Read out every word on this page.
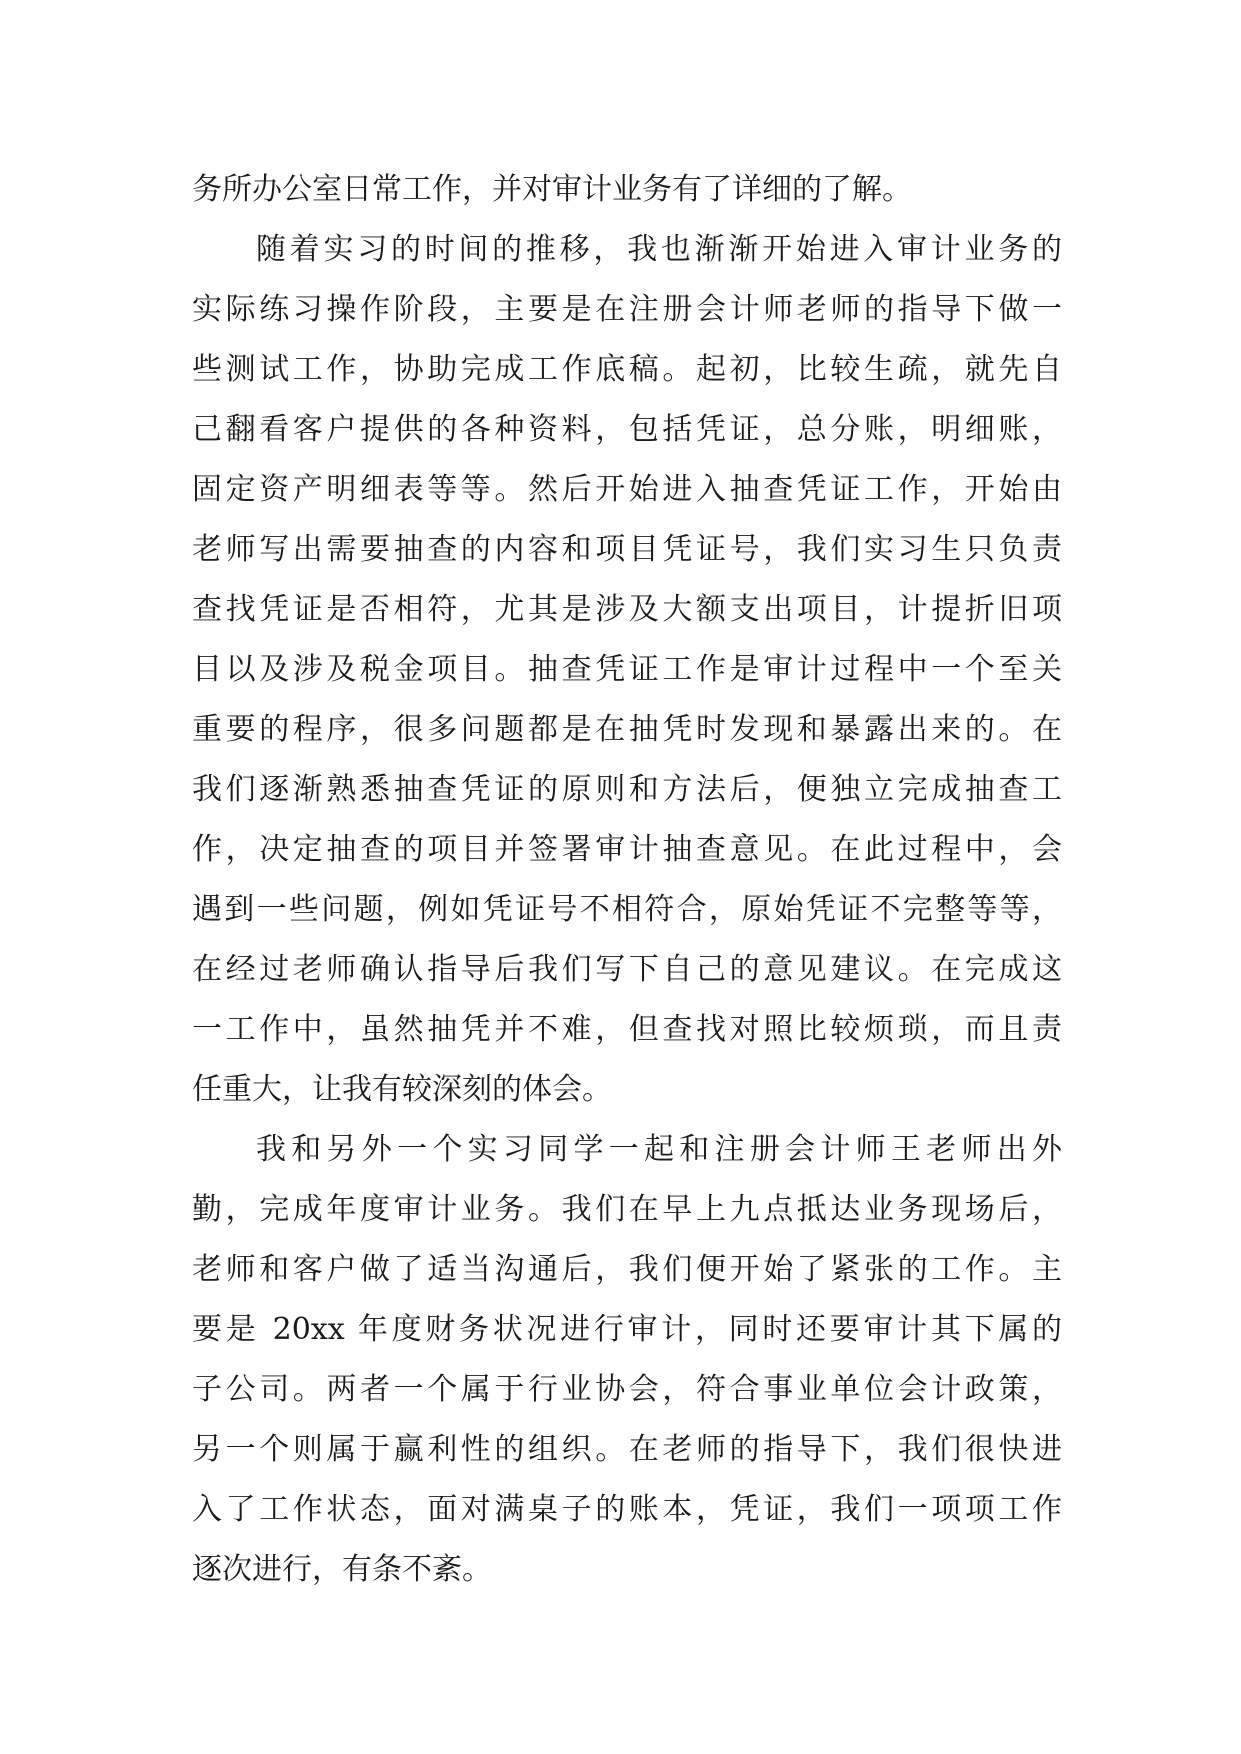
务所办公室日常工作，并对审计业务有了详细的了解。
随着实习的时间的推移，我也渐渐开始进入审计业务的
实际练习操作阶段，主要是在注册会计师老师的指导下做一
些测试工作，协助完成工作底稿。起初，比较生疏，就先自
己翻看客户提供的各种资料，包括凭证，总分账，明细账，
固定资产明细表等等。然后开始进入抽查凭证工作，开始由
老师写出需要抽查的内容和项目凭证号，我们实习生只负责
查找凭证是否相符，尤其是涉及大额支出项目，计提折旧项
目以及涉及税金项目。抽查凭证工作是审计过程中一个至关
重要的程序，很多问题都是在抽凭时发现和暴露出来的。在
我们逐渐熟悉抽查凭证的原则和方法后，便独立完成抽查工
作，决定抽查的项目并签署审计抽查意见。在此过程中，会
遇到一些问题，例如凭证号不相符合，原始凭证不完整等等，
在经过老师确认指导后我们写下自己的意见建议。在完成这
一工作中，虽然抽凭并不难，但查找对照比较烦琐，而且责
任重大，让我有较深刻的体会。
我和另外一个实习同学一起和注册会计师王老师出外
勤，完成年度审计业务。我们在早上九点抵达业务现场后，
老师和客户做了适当沟通后，我们便开始了紧张的工作。主
要是 20xx 年度财务状况进行审计，同时还要审计其下属的
子公司。两者一个属于行业协会，符合事业单位会计政策，
另一个则属于赢利性的组织。在老师的指导下，我们很快进
入了工作状态，面对满桌子的账本，凭证，我们一项项工作
逐次进行，有条不紊。
